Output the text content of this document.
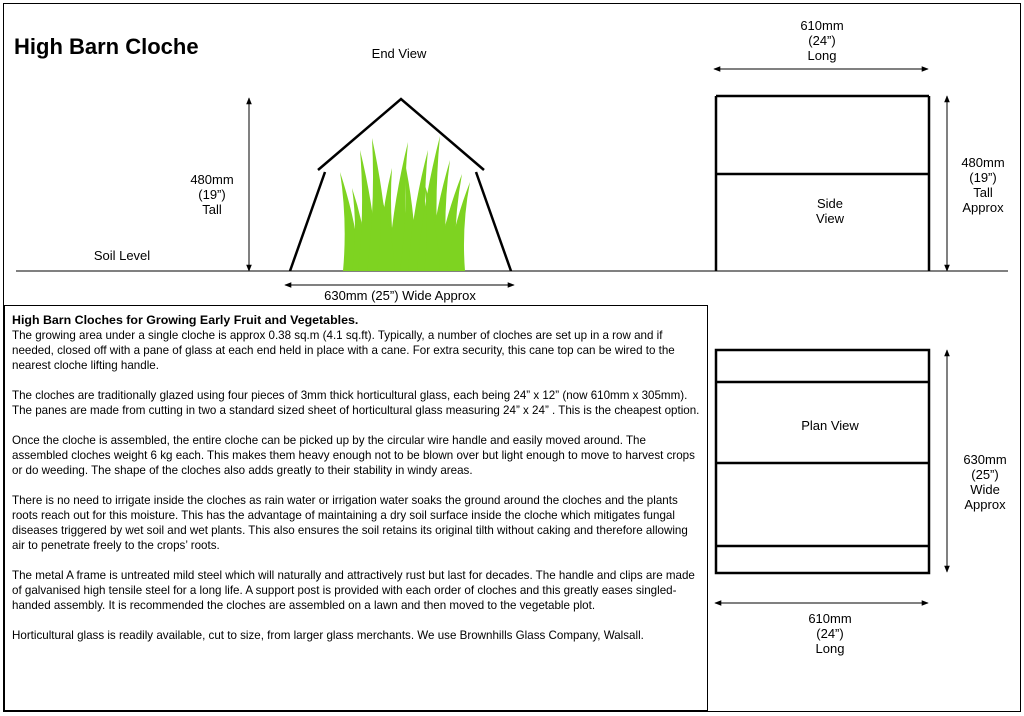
High Barn Cloche	End View
480mm
(19”)
Tall
Soil Level
630mm (25”) Wide Approx
610mm
(24”)
Long
480mm
(19”)
Tall
Approx
Side
View
Plan View
630mm
(25”)
Wide
Approx
610mm
(24”)
Long
High Barn Cloches for Growing Early Fruit and Vegetables.

The growing area under a single cloche is approx 0.38 sq.m (4.1 sq.ft). Typically, a number of cloches are set up in a row and if needed, closed off with a pane of glass at each end held in place with a cane. For extra security, this cane top can be wired to the nearest cloche lifting handle.

The cloches are traditionally glazed using four pieces of 3mm thick horticultural glass, each being 24” x 12” (now 610mm x 305mm). The panes are made from cutting in two a standard sized sheet of horticultural glass measuring 24” x 24” . This is the cheapest option.

Once the cloche is assembled, the entire cloche can be picked up by the circular wire handle and easily moved around. The assembled cloches weight 6 kg each. This makes them heavy enough not to be blown over but light enough to move to harvest crops or do weeding. The shape of the cloches also adds greatly to their stability in windy areas.

There is no need to irrigate inside the cloches as rain water or irrigation water soaks the ground around the cloches and the plants roots reach out for this moisture. This has the advantage of maintaining a dry soil surface inside the cloche which mitigates fungal diseases triggered by wet soil and wet plants. This also ensures the soil retains its original tilth without caking and therefore allowing air to penetrate freely to the crops’ roots.

The metal A frame is untreated mild steel which will naturally and attractively rust but last for decades. The handle and clips are made of galvanised high tensile steel for a long life. A support post is provided with each order of cloches and this greatly eases singled-handed assembly. It is recommended the cloches are assembled on a lawn and then moved to the vegetable plot.

Horticultural glass is readily available, cut to size, from larger glass merchants. We use Brownhills Glass Company, Walsall.
